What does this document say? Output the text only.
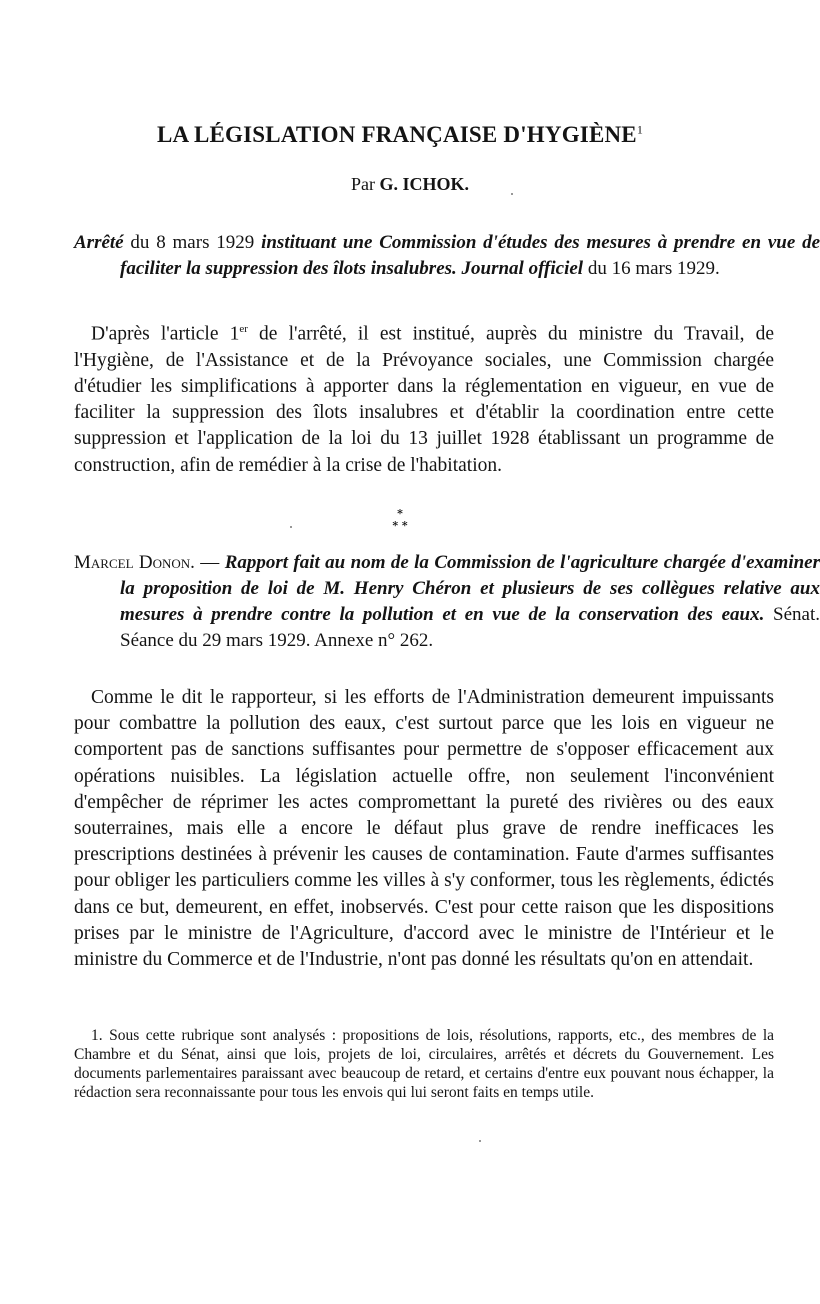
LA LÉGISLATION FRANÇAISE D'HYGIÈNE$^1$
Par G. ICHOK.
Arrêté du 8 mars 1929 instituant une Commission d'études des mesures à prendre en vue de faciliter la suppression des îlots insalubres. Journal officiel du 16 mars 1929.
D'après l'article 1er de l'arrêté, il est institué, auprès du ministre du Travail, de l'Hygiène, de l'Assistance et de la Prévoyance sociales, une Commission chargée d'étudier les simplifications à apporter dans la réglementation en vigueur, en vue de faciliter la suppression des îlots insalubres et d'établir la coordination entre cette suppression et l'application de la loi du 13 juillet 1928 établissant un programme de construction, afin de remédier à la crise de l'habitation.
*
* *
Marcel Donon. — Rapport fait au nom de la Commission de l'agriculture chargée d'examiner la proposition de loi de M. Henry Chéron et plusieurs de ses collègues relative aux mesures à prendre contre la pollution et en vue de la conservation des eaux. Sénat. Séance du 29 mars 1929. Annexe n° 262.
Comme le dit le rapporteur, si les efforts de l'Administration demeurent impuissants pour combattre la pollution des eaux, c'est surtout parce que les lois en vigueur ne comportent pas de sanctions suffisantes pour permettre de s'opposer efficacement aux opérations nuisibles. La législation actuelle offre, non seulement l'inconvénient d'empêcher de réprimer les actes compromettant la pureté des rivières ou des eaux souterraines, mais elle a encore le défaut plus grave de rendre inefficaces les prescriptions destinées à prévenir les causes de contamination. Faute d'armes suffisantes pour obliger les particuliers comme les villes à s'y conformer, tous les règlements, édictés dans ce but, demeurent, en effet, inobservés. C'est pour cette raison que les dispositions prises par le ministre de l'Agriculture, d'accord avec le ministre de l'Intérieur et le ministre du Commerce et de l'Industrie, n'ont pas donné les résultats qu'on en attendait.
1. Sous cette rubrique sont analysés : propositions de lois, résolutions, rapports, etc., des membres de la Chambre et du Sénat, ainsi que lois, projets de loi, circulaires, arrêtés et décrets du Gouvernement. Les documents parlementaires paraissant avec beaucoup de retard, et certains d'entre eux pouvant nous échapper, la rédaction sera reconnaissante pour tous les envois qui lui seront faits en temps utile.
